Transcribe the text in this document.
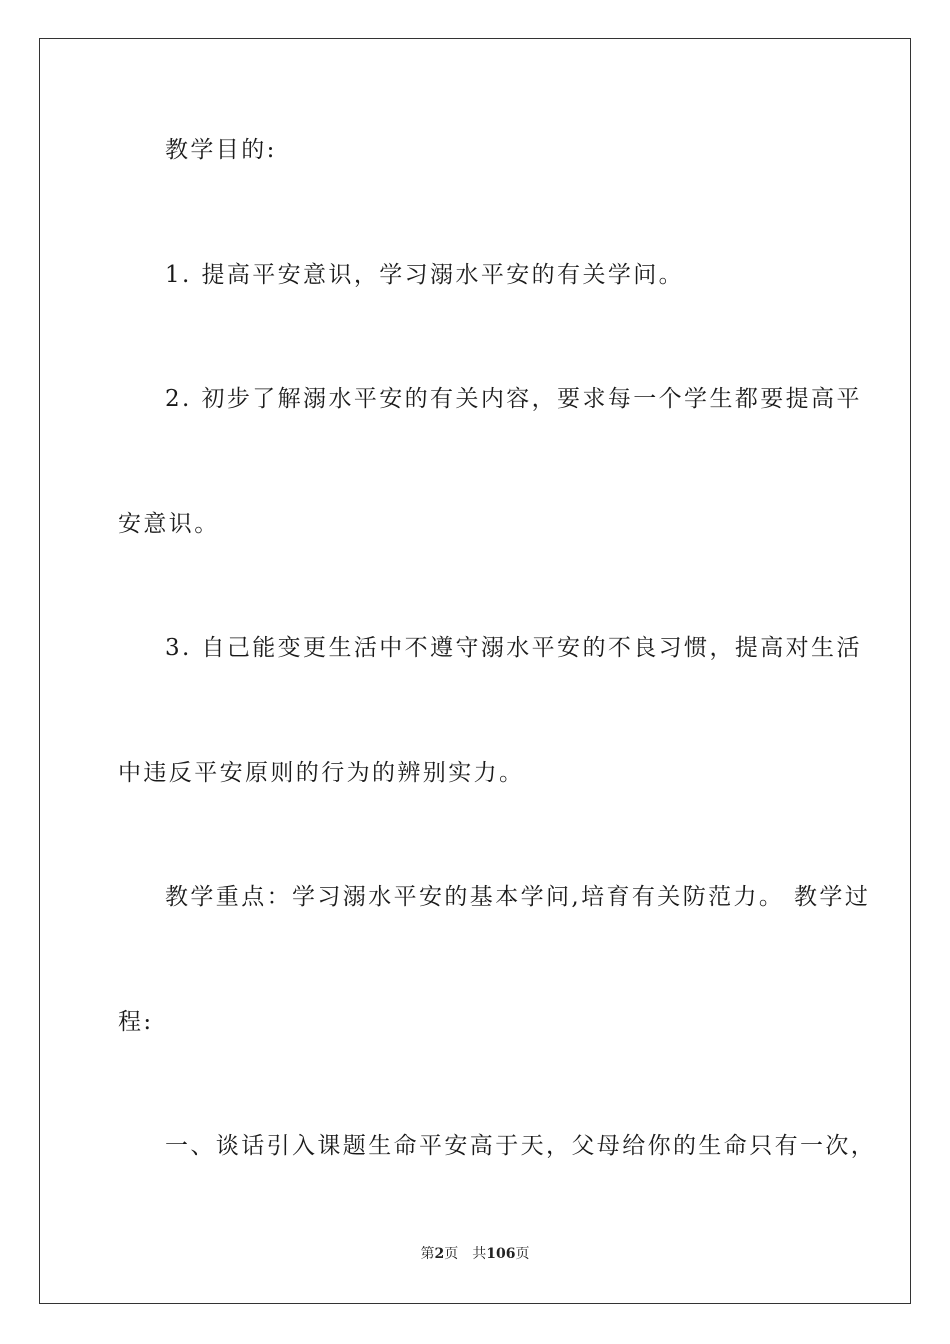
教学目的:
1. 提高平安意识，学习溺水平安的有关学问。
2. 初步了解溺水平安的有关内容，要求每一个学生都要提高平
安意识。
3. 自己能变更生活中不遵守溺水平安的不良习惯，提高对生活
中违反平安原则的行为的辨别实力。
教学重点：学习溺水平安的基本学问,培育有关防范力。 教学过
程:
一、谈话引入课题生命平安高于天，父母给你的生命只有一次，
第2页 共106页
